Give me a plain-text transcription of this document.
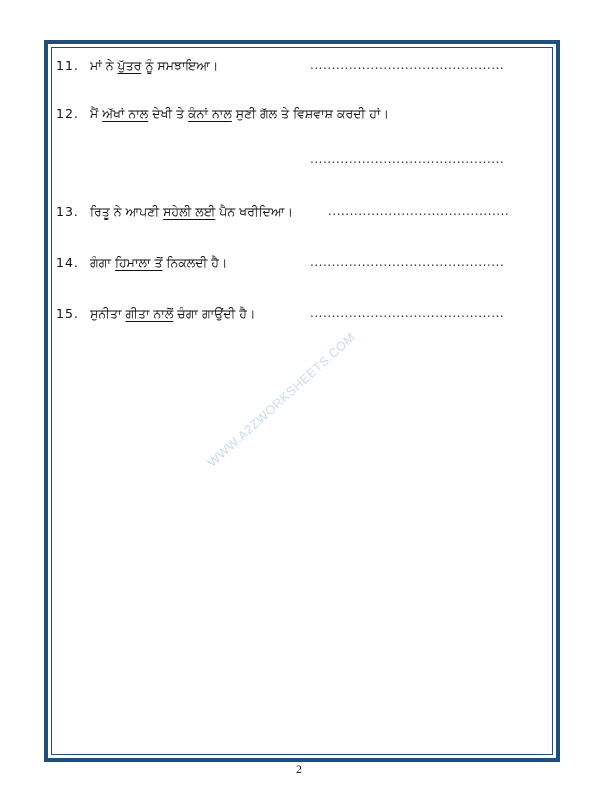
11. ਮਾਂ ਨੇ ਪੁੱਤਰ ਨੂੰ ਸਮਝਾਇਆ।	.............................................
12. ਮੈਂ ਅੱਖਾਂ ਨਾਲ ਦੇਖੀ ਤੇ ਕੰਨਾਂ ਨਾਲ ਸੁਣੀ ਗੱਲ ਤੇ ਵਿਸ਼ਵਾਸ਼ ਕਰਦੀ ਹਾਂ।
.............................................
13. ਰਿਤੂ ਨੇ ਆਪਣੀ ਸਹੇਲੀ ਲਈ ਪੈਨ ਖਰੀਦਿਆ।	..........................................
14. ਗੰਗਾ ਹਿਮਾਲਾ ਤੋਂ ਨਿਕਲਦੀ ਹੈ।	.............................................
15. ਸੁਨੀਤਾ ਗੀਤਾ ਨਾਲੋਂ ਚੰਗਾ ਗਾਉਂਦੀ ਹੈ।	.............................................
WWW.A2ZWORKSHEETS.COM
2
